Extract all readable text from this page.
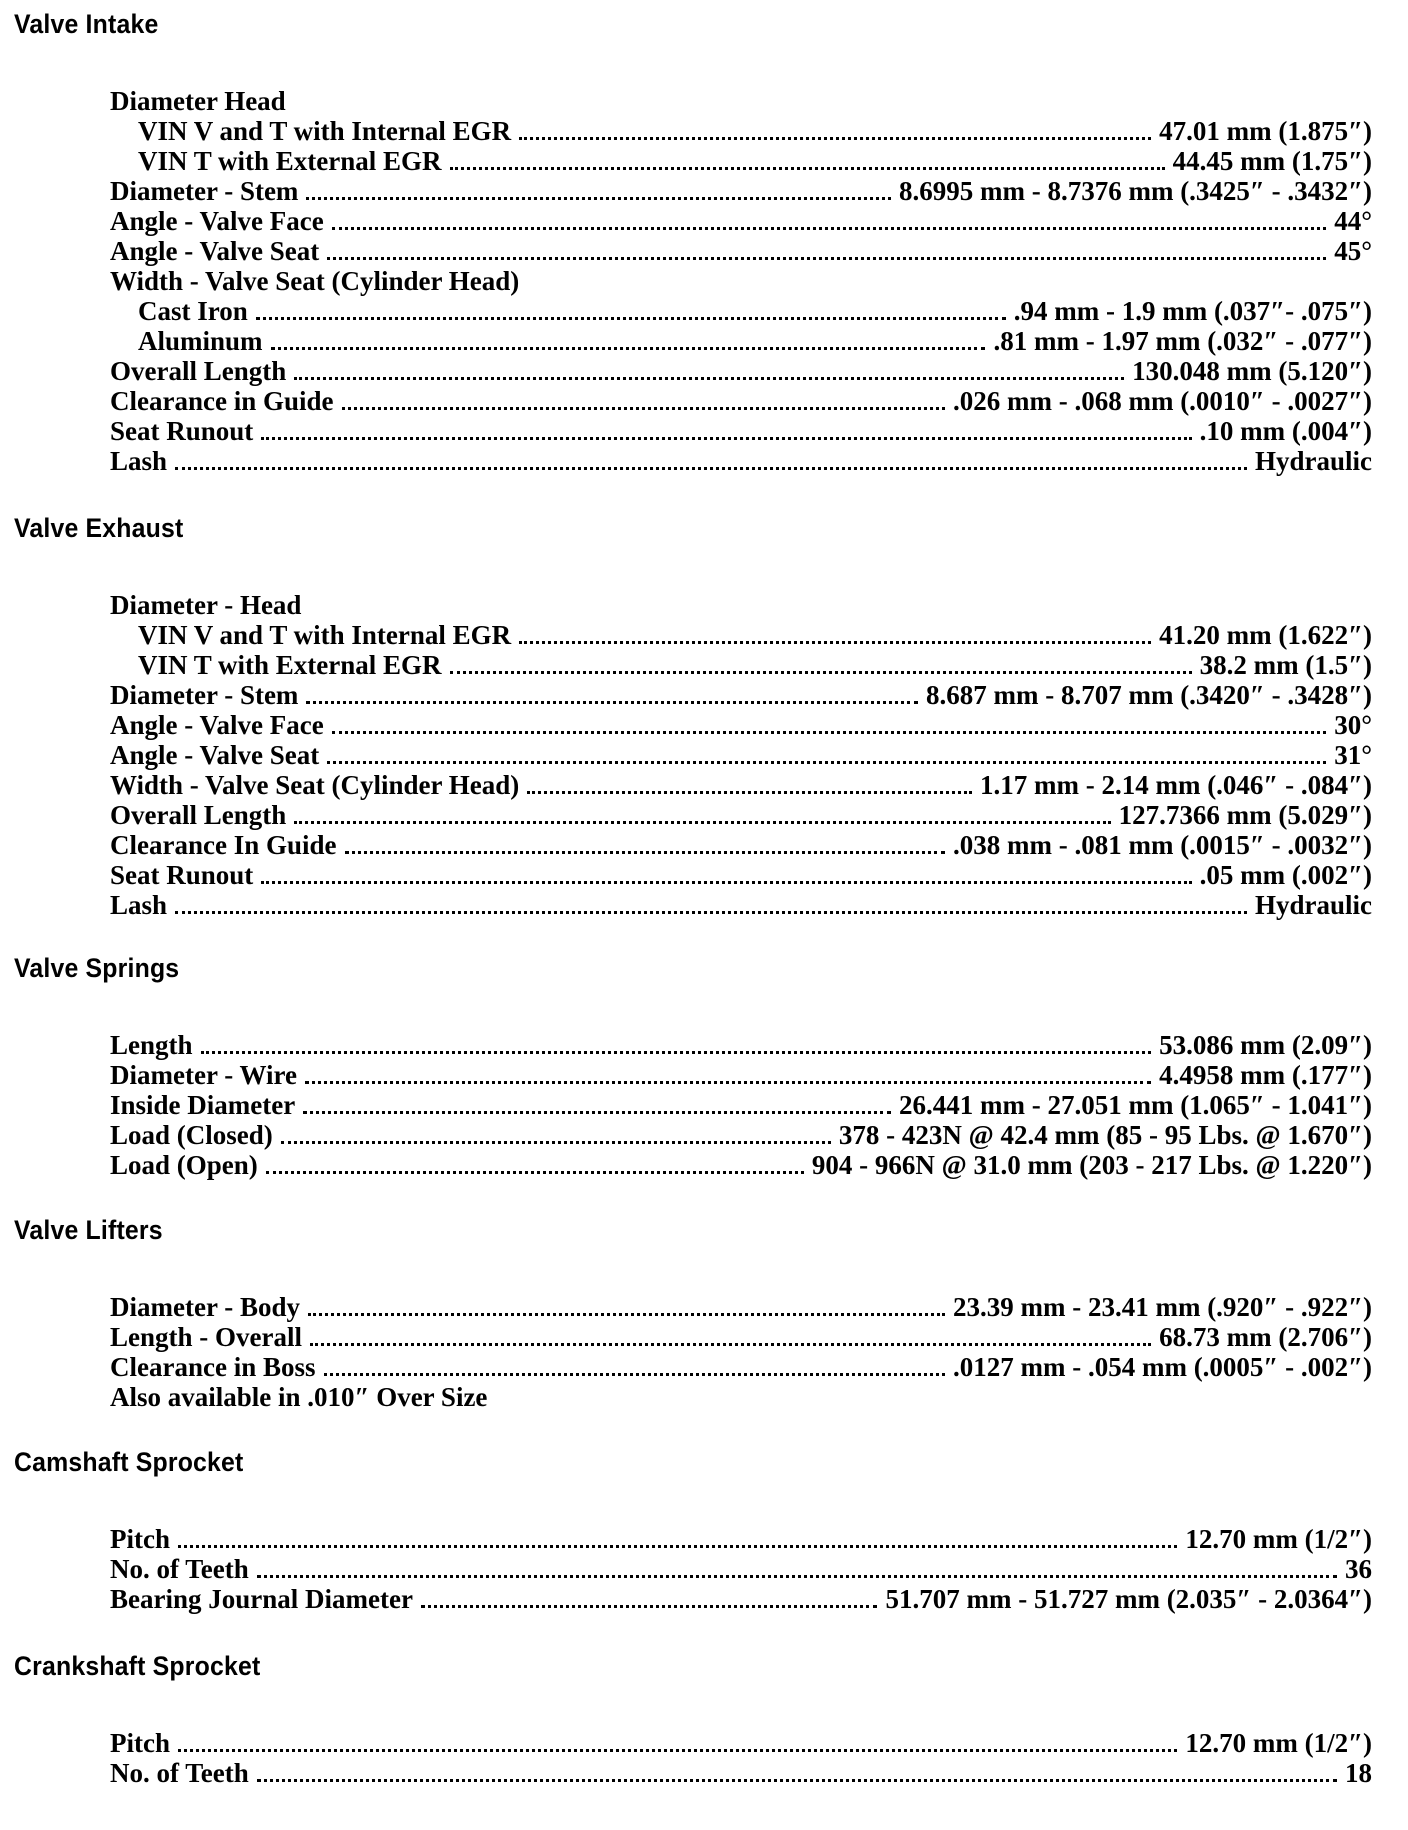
Valve Intake
Diameter Head
VIN V and T with Internal EGR	47.01 mm (1.875″)
VIN T with External EGR	44.45 mm (1.75″)
Diameter - Stem	8.6995 mm - 8.7376 mm (.3425″ - .3432″)
Angle - Valve Face	44°
Angle - Valve Seat	45°
Width - Valve Seat (Cylinder Head)
Cast Iron	.94 mm - 1.9 mm (.037″- .075″)
Aluminum	.81 mm - 1.97 mm (.032″ - .077″)
Overall Length	130.048 mm (5.120″)
Clearance in Guide	.026 mm - .068 mm (.0010″ - .0027″)
Seat Runout	.10 mm (.004″)
Lash	Hydraulic
Valve Exhaust
Diameter - Head
VIN V and T with Internal EGR	41.20 mm (1.622″)
VIN T with External EGR	38.2 mm (1.5″)
Diameter - Stem	8.687 mm - 8.707 mm (.3420″ - .3428″)
Angle - Valve Face	30°
Angle - Valve Seat	31°
Width - Valve Seat (Cylinder Head)	1.17 mm - 2.14 mm (.046″ - .084″)
Overall Length	127.7366 mm (5.029″)
Clearance In Guide	.038 mm - .081 mm (.0015″ - .0032″)
Seat Runout	.05 mm (.002″)
Lash	Hydraulic
Valve Springs
Length	53.086 mm (2.09″)
Diameter - Wire	4.4958 mm (.177″)
Inside Diameter	26.441 mm - 27.051 mm (1.065″ - 1.041″)
Load (Closed)	378 - 423N @ 42.4 mm (85 - 95 Lbs. @ 1.670″)
Load (Open)	904 - 966N @ 31.0 mm (203 - 217 Lbs. @ 1.220″)
Valve Lifters
Diameter - Body	23.39 mm - 23.41 mm (.920″ - .922″)
Length - Overall	68.73 mm (2.706″)
Clearance in Boss	.0127 mm - .054 mm (.0005″ - .002″)
Also available in .010″ Over Size
Camshaft Sprocket
Pitch	12.70 mm (1/2″)
No. of Teeth	36
Bearing Journal Diameter	51.707 mm - 51.727 mm (2.035″ - 2.0364″)
Crankshaft Sprocket
Pitch	12.70 mm (1/2″)
No. of Teeth	18
